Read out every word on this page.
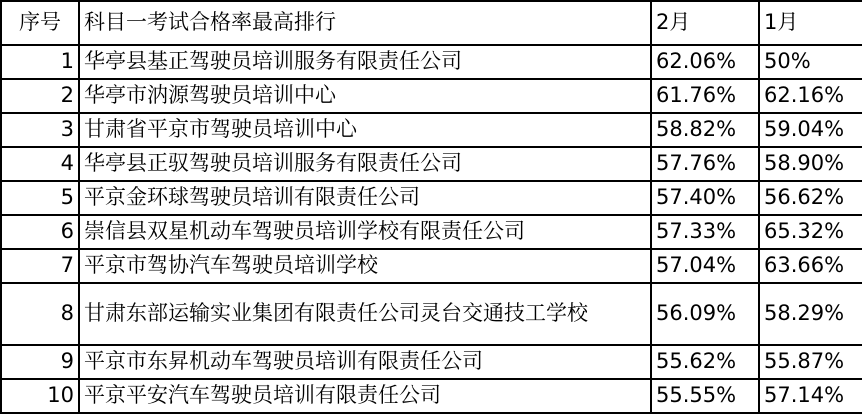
序号	科目一考试合格率最高排行	2月	1月
1	华亭县基正驾驶员培训服务有限责任公司	62.06%	50%
2	华亭市汭源驾驶员培训中心	61.76%	62.16%
3	甘肃省平京市驾驶员培训中心	58.82%	59.04%
4	华亭县正驭驾驶员培训服务有限责任公司	57.76%	58.90%
5	平京金环球驾驶员培训有限责任公司	57.40%	56.62%
6	崇信县双星机动车驾驶员培训学校有限责任公司	57.33%	65.32%
7	平京市驾协汽车驾驶员培训学校	57.04%	63.66%
8	甘肃东部运输实业集团有限责任公司灵台交通技工学校	56.09%	58.29%
9	平京市东昇机动车驾驶员培训有限责任公司	55.62%	55.87%
10	平京平安汽车驾驶员培训有限责任公司	55.55%	57.14%
